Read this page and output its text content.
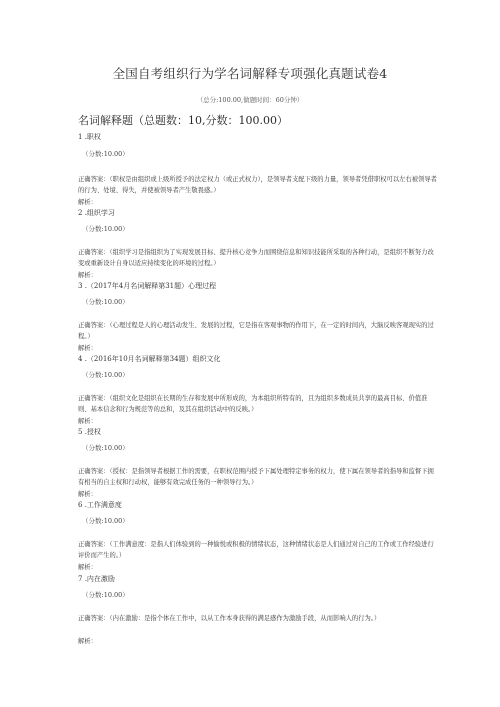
全国自考组织行为学名词解释专项强化真题试卷4
（总分:100.00,做题时间：60分钟）
名词解释题（总题数：10,分数：100.00）
1 .职权
（分数:10.00）
正确答案：（职权是由组织或上级所授予的法定权力（或正式权力），是领导者支配下级的力量，领导者凭借职权可以左右被领导者的行为、处境、得失，并使被领导者产生敬畏感。）
解析：
2 .组织学习
（分数:10.00）
正确答案：（组织学习是指组织为了实现发展目标、提升核心竞争力而围绕信息和知识技能所采取的各种行动，是组织不断努力改变或重新设计自身以适应持续变化的环境的过程。）
解析：
3 .（2017年4月名词解释第31题）心理过程
（分数:10.00）
正确答案：（心理过程是人的心理活动发生、发展的过程，它是指在客观事物的作用下，在一定的时间内，大脑反映客观现实的过程。）
解析：
4 .（2016年10月名词解释第34题）组织文化
（分数:10.00）
正确答案：（组织文化是组织在长期的生存和发展中所形成的，为本组织所特有的，且为组织多数成员共享的最高目标、价值准则、基本信念和行为规范等的总和，及其在组织活动中的反映。）
解析：
5 .授权
（分数:10.00）
正确答案：（授权：是指领导者根据工作的需要，在职权范围内授予下属处理特定事务的权力，使下属在领导者的指导和监督下拥有相当的自主权和行动权，能够有效完成任务的一种领导行为。）
解析：
6 .工作满意度
（分数:10.00）
正确答案：（工作满意度：是指人们体验到的一种愉悦或积极的情绪状态，这种情绪状态是人们通过对自己的工作或工作经验进行评价而产生的。）
解析：
7 .内在激励
（分数:10.00）
正确答案：（内在激励：是指个体在工作中，以从工作本身获得的满足感作为激励手段，从而影响人的行为。）
解析：
